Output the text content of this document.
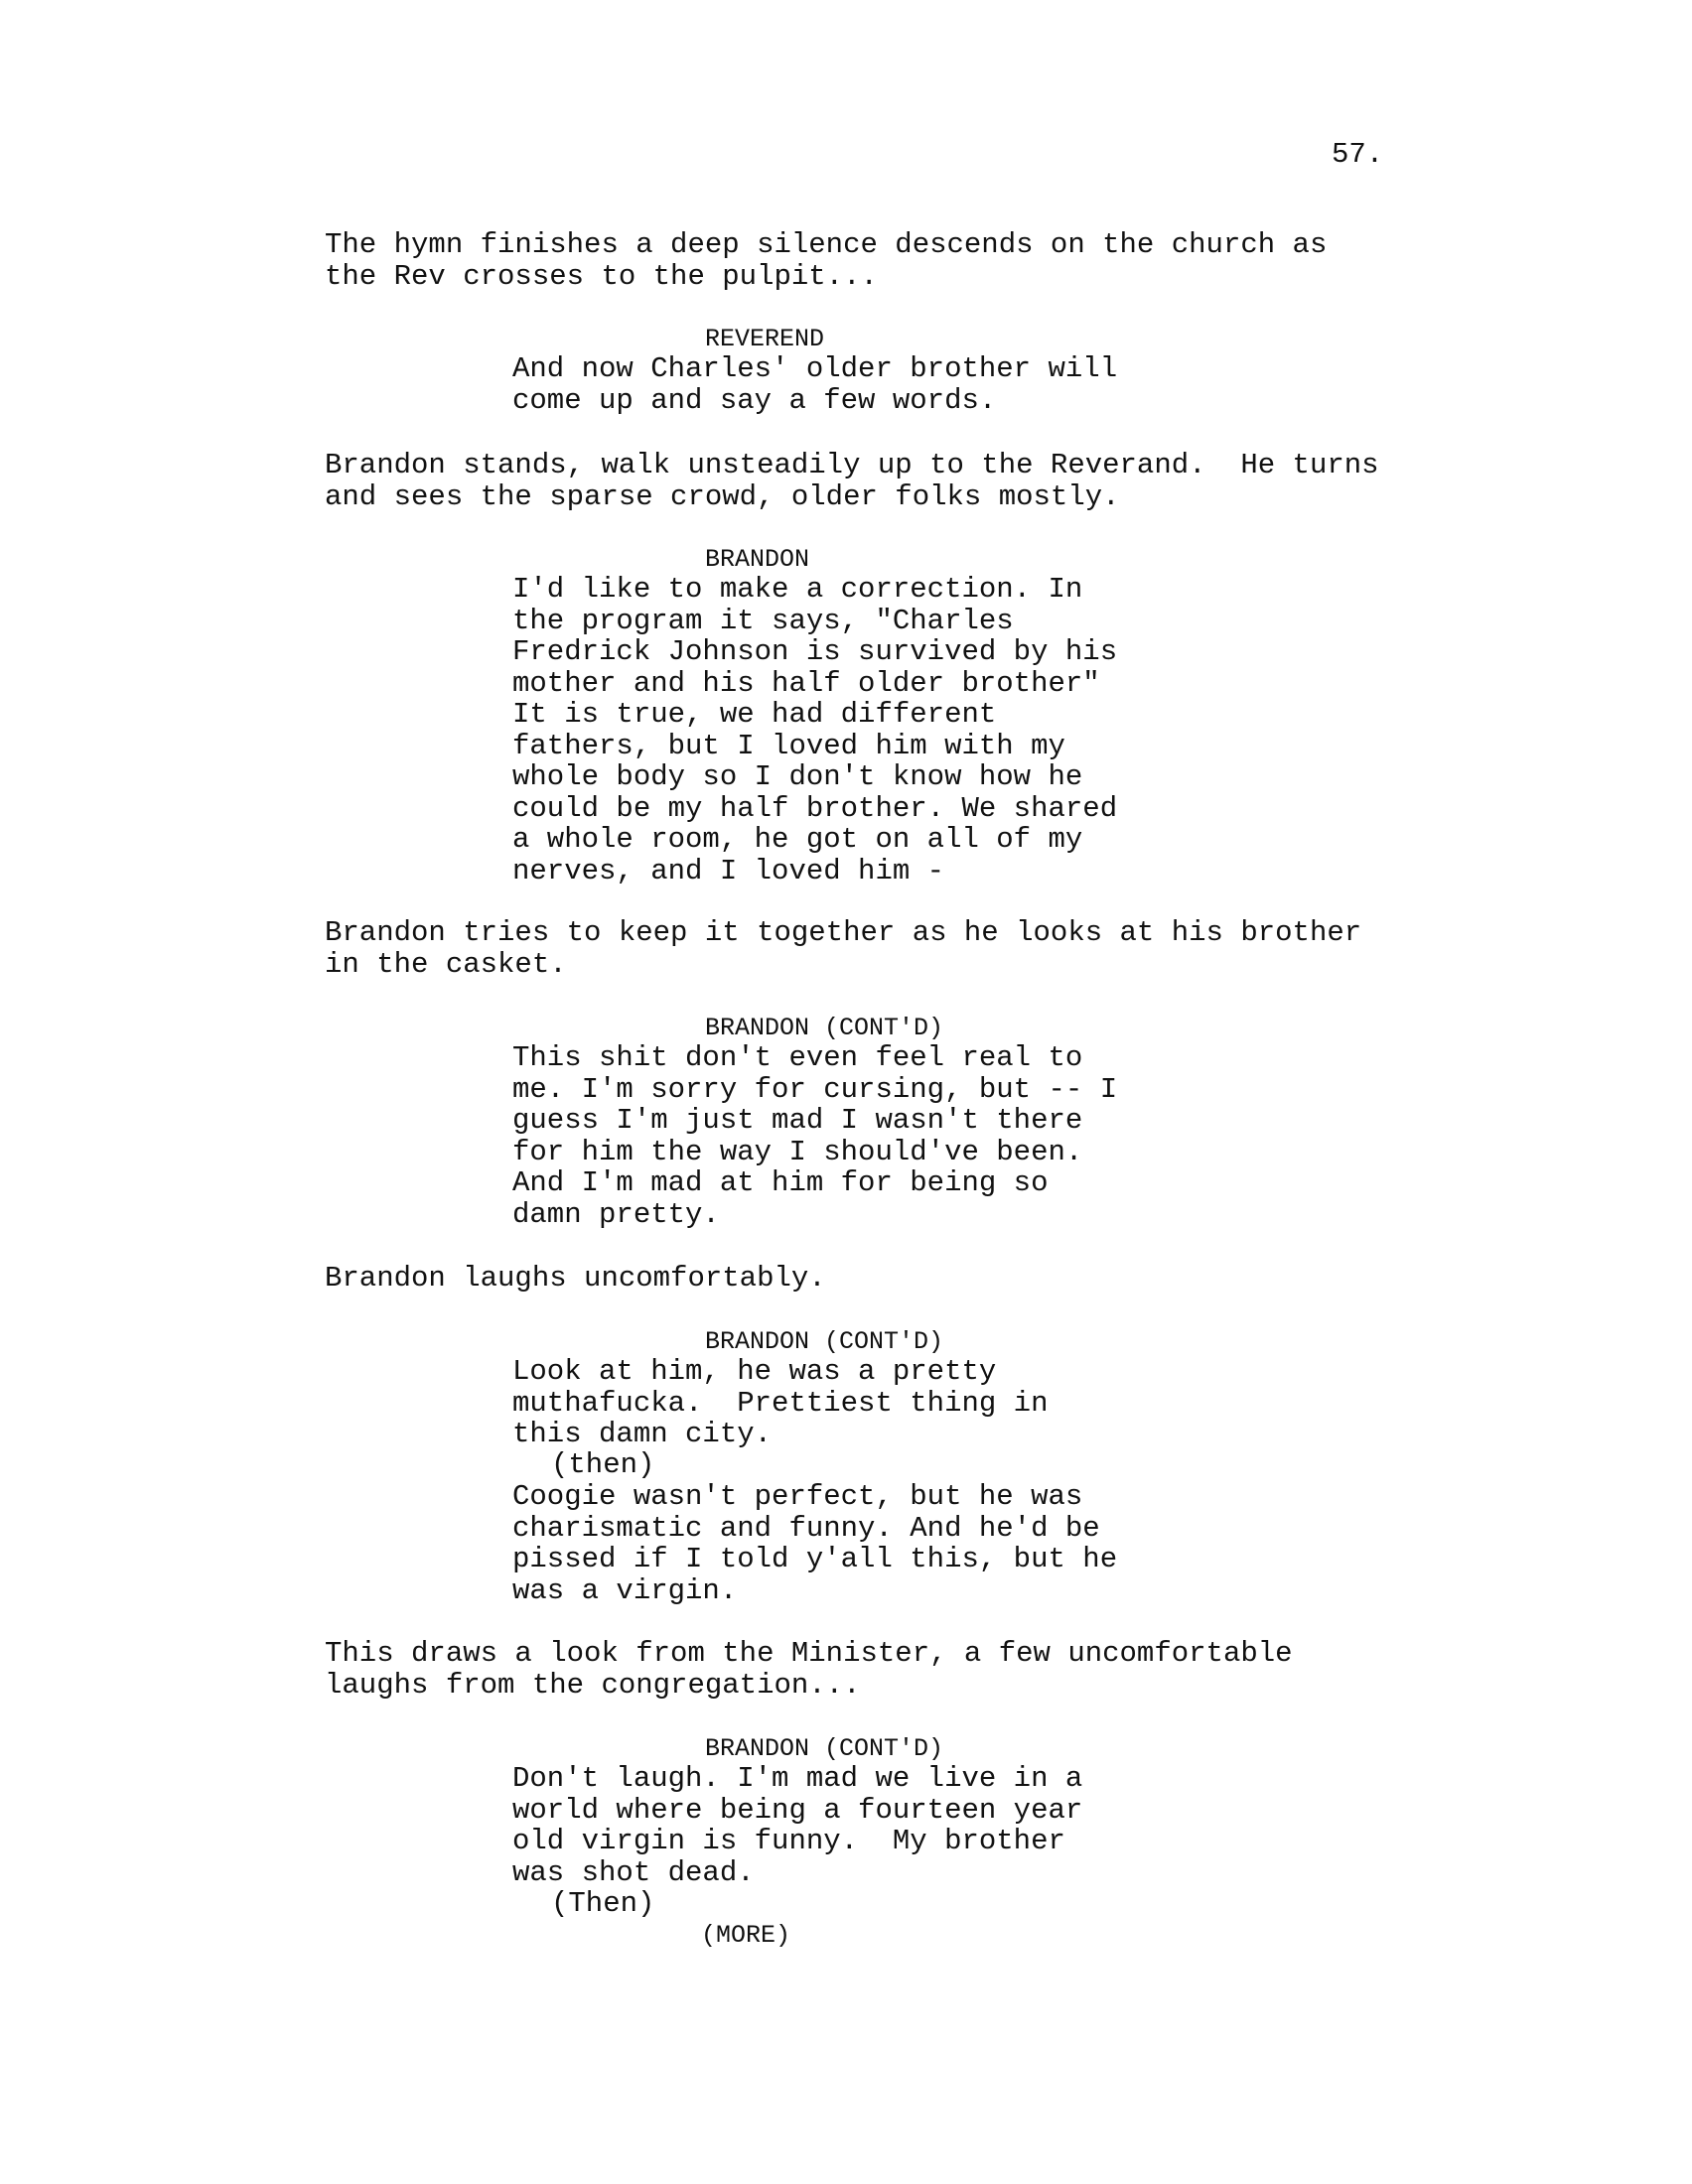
57.
The hymn finishes a deep silence descends on the church as
the Rev crosses to the pulpit...
REVEREND
And now Charles' older brother will
come up and say a few words.
Brandon stands, walk unsteadily up to the Reverand.  He turns
and sees the sparse crowd, older folks mostly.
BRANDON
I'd like to make a correction. In
the program it says, "Charles
Fredrick Johnson is survived by his
mother and his half older brother"
It is true, we had different
fathers, but I loved him with my
whole body so I don't know how he
could be my half brother. We shared
a whole room, he got on all of my
nerves, and I loved him -
Brandon tries to keep it together as he looks at his brother
in the casket.
BRANDON (CONT'D)
This shit don't even feel real to
me. I'm sorry for cursing, but -- I
guess I'm just mad I wasn't there
for him the way I should've been.
And I'm mad at him for being so
damn pretty.
Brandon laughs uncomfortably.
BRANDON (CONT'D)
Look at him, he was a pretty
muthafucka.  Prettiest thing in
this damn city.
(then)
Coogie wasn't perfect, but he was
charismatic and funny. And he'd be
pissed if I told y'all this, but he
was a virgin.
This draws a look from the Minister, a few uncomfortable
laughs from the congregation...
BRANDON (CONT'D)
Don't laugh. I'm mad we live in a
world where being a fourteen year
old virgin is funny.  My brother
was shot dead.
(Then)
(MORE)
